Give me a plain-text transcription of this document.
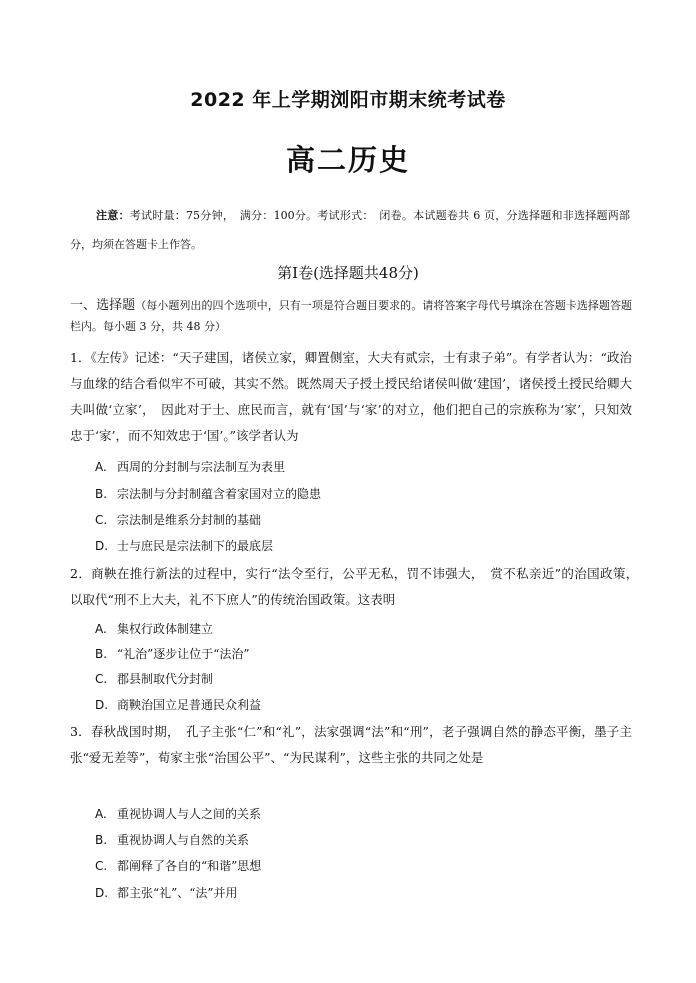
2022 年上学期浏阳市期末统考试卷
高二历史
注意：考试时量：75分钟，　满分：100分。考试形式：　闭卷。本试题卷共 6 页，分选择题和非选择题两部分，均须在答题卡上作答。
第I卷(选择题共48分)
一、选择题（每小题列出的四个选项中，只有一项是符合题目要求的。请将答案字母代号填涂在答题卡选择题答题栏内。每小题 3 分，共 48 分）
1．《左传》记述：“天子建国，诸侯立家，卿置侧室，大夫有贰宗，士有隶子弟”。有学者认为：“政治与血缘的结合看似牢不可破，其实不然。既然周天子授土授民给诸侯叫做‘建国’，诸侯授土授民给卿大夫叫做‘立家’，　因此对于士、庶民而言，就有‘国’与‘家’的对立，他们把自己的宗族称为‘家’，只知效忠于‘家’，而不知效忠于‘国’。”该学者认为
A. 西周的分封制与宗法制互为表里
B. 宗法制与分封制蕴含着家国对立的隐患
C. 宗法制是维系分封制的基础
D. 士与庶民是宗法制下的最底层
2．商鞅在推行新法的过程中，实行“法令至行，公平无私，罚不讳强大，　赏不私亲近”的治国政策，　以取代“刑不上大夫，礼不下庶人”的传统治国政策。这表明
A. 集权行政体制建立
B. “礼治”逐步让位于“法治”
C. 郡县制取代分封制
D. 商鞅治国立足普通民众利益
3．春秋战国时期，　孔子主张“仁”和“礼”，法家强调“法”和“刑”，老子强调自然的静态平衡，墨子主张“爱无差等”，荀家主张“治国公平”、“为民谋利”，这些主张的共同之处是
A. 重视协调人与人之间的关系
B. 重视协调人与自然的关系
C. 都阐释了各自的“和谐”思想
D. 都主张“礼”、“法”并用
